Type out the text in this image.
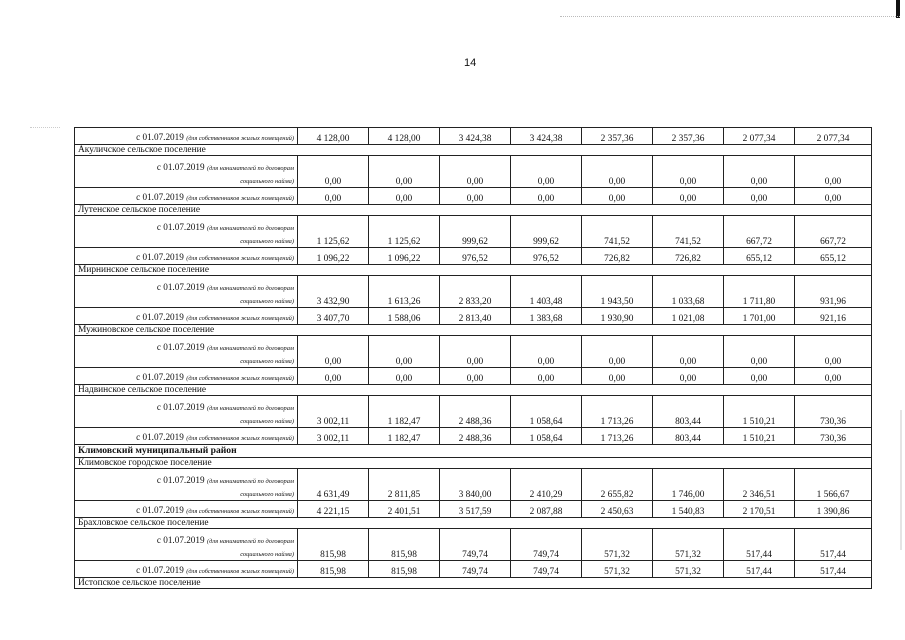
14
с 01.07.2019 (для собственников жилых помещений)	4 128,00	4 128,00	3 424,38	3 424,38	2 357,36	2 357,36	2 077,34	2 077,34
Акуличское сельское поселение								

с 01.07.2019 (для нанимателей по договорам
социального найма)	0,00	0,00	0,00	0,00	0,00	0,00	0,00	0,00
с 01.07.2019 (для собственников жилых помещений)	0,00	0,00	0,00	0,00	0,00	0,00	0,00	0,00
Лутенское сельское поселение								

с 01.07.2019 (для нанимателей по договорам
социального найма)	1 125,62	1 125,62	999,62	999,62	741,52	741,52	667,72	667,72
с 01.07.2019 (для собственников жилых помещений)	1 096,22	1 096,22	976,52	976,52	726,82	726,82	655,12	655,12
Мирнинское сельское поселение								

с 01.07.2019 (для нанимателей по договорам
социального найма)	3 432,90	1 613,26	2 833,20	1 403,48	1 943,50	1 033,68	1 711,80	931,96
с 01.07.2019 (для собственников жилых помещений)	3 407,70	1 588,06	2 813,40	1 383,68	1 930,90	1 021,08	1 701,00	921,16
Мужиновское сельское поселение								

с 01.07.2019 (для нанимателей по договорам
социального найма)	0,00	0,00	0,00	0,00	0,00	0,00	0,00	0,00
с 01.07.2019 (для собственников жилых помещений)	0,00	0,00	0,00	0,00	0,00	0,00	0,00	0,00
Надвинское сельское поселение								

с 01.07.2019 (для нанимателей по договорам
социального найма)	3 002,11	1 182,47	2 488,36	1 058,64	1 713,26	803,44	1 510,21	730,36
с 01.07.2019 (для собственников жилых помещений)	3 002,11	1 182,47	2 488,36	1 058,64	1 713,26	803,44	1 510,21	730,36
Климовский муниципальный район								
Климовское городское поселение								

с 01.07.2019 (для нанимателей по договорам
социального найма)	4 631,49	2 811,85	3 840,00	2 410,29	2 655,82	1 746,00	2 346,51	1 566,67
с 01.07.2019 (для собственников жилых помещений)	4 221,15	2 401,51	3 517,59	2 087,88	2 450,63	1 540,83	2 170,51	1 390,86
Брахловское сельское поселение								

с 01.07.2019 (для нанимателей по договорам
социального найма)	815,98	815,98	749,74	749,74	571,32	571,32	517,44	517,44
с 01.07.2019 (для собственников жилых помещений)	815,98	815,98	749,74	749,74	571,32	571,32	517,44	517,44
Истопское сельское поселение								
